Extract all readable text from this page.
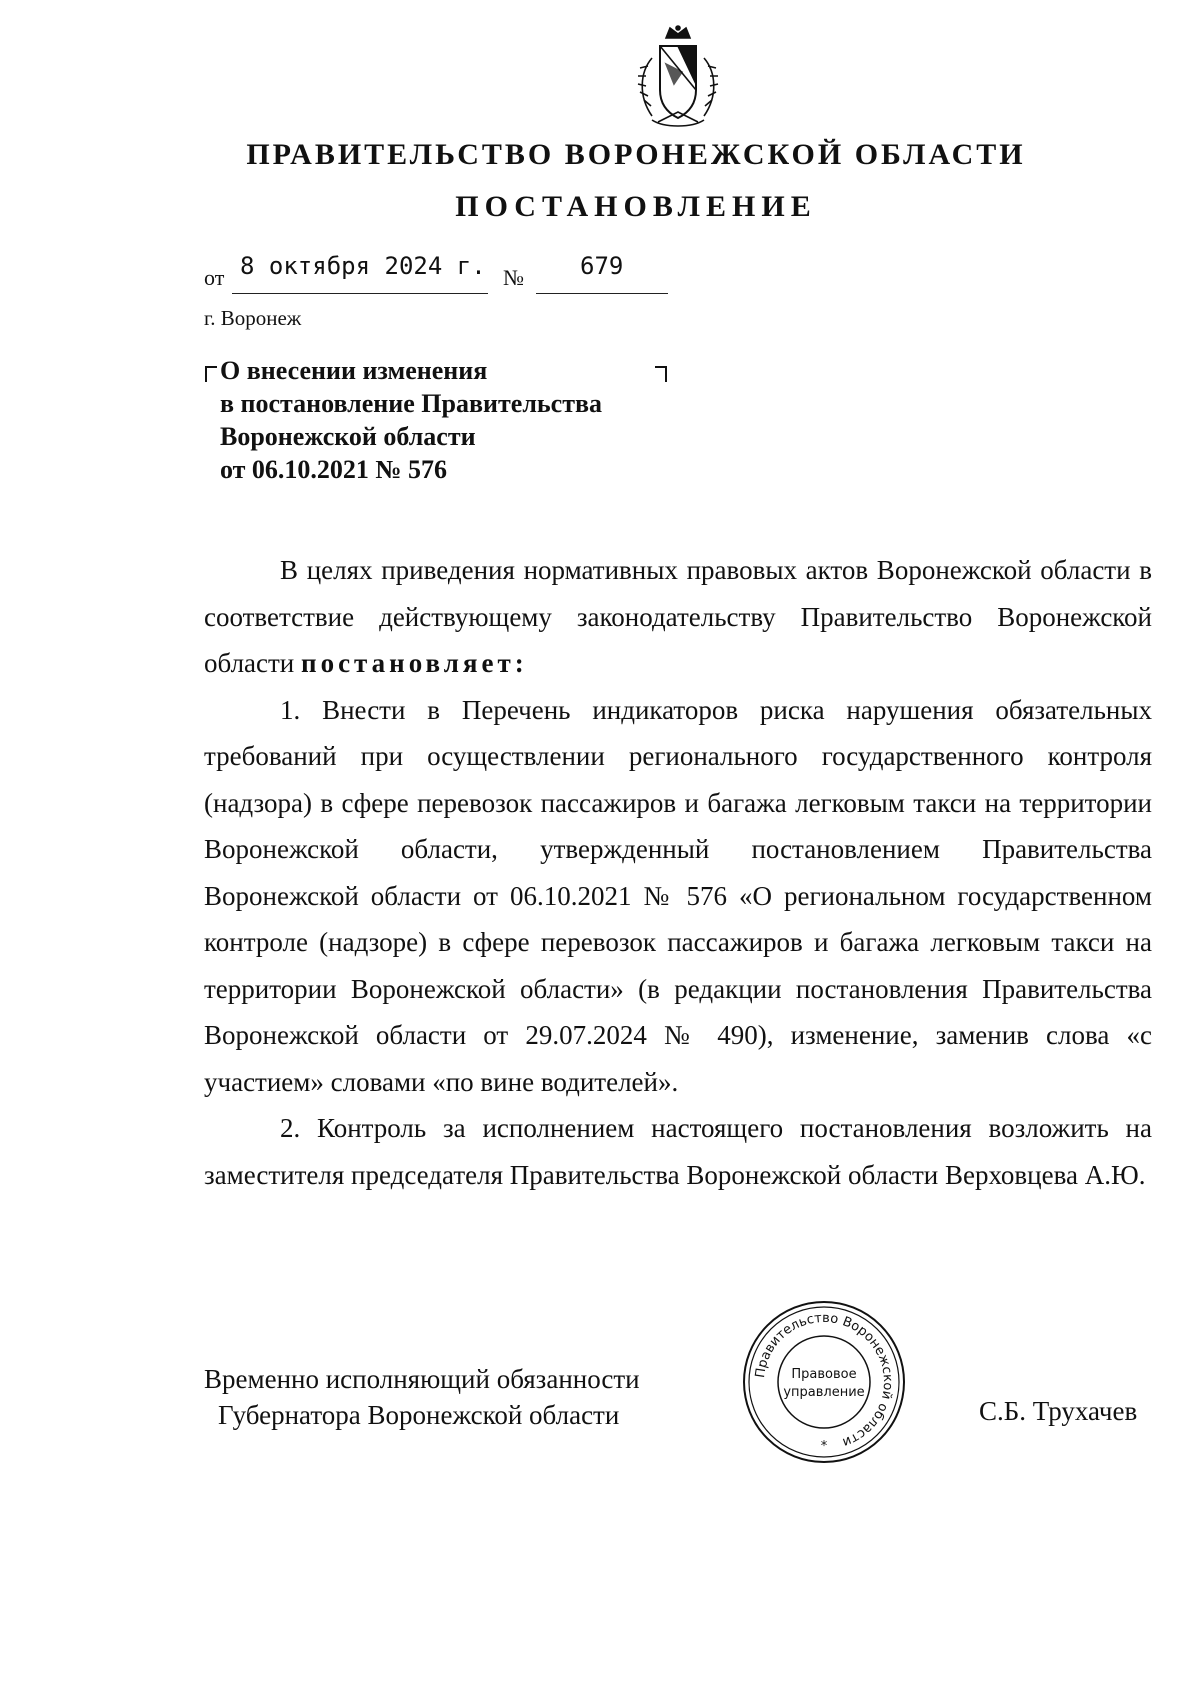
ПРАВИТЕЛЬСТВО ВОРОНЕЖСКОЙ ОБЛАСТИ
ПОСТАНОВЛЕНИЕ
от 8 октября 2024 г. № 679
г. Воронеж
О внесении изменения
в постановление Правительства
Воронежской области
от 06.10.2021 № 576

В целях приведения нормативных правовых актов Воронежской области в соответствие действующему законодательству Правительство Воронежской области постановляет:

1. Внести в Перечень индикаторов риска нарушения обязательных требований при осуществлении регионального государственного контроля (надзора) в сфере перевозок пассажиров и багажа легковым такси на территории Воронежской области, утвержденный постановлением Правительства Воронежской области от 06.10.2021 № 576 «О региональном государственном контроле (надзоре) в сфере перевозок пассажиров и багажа легковым такси на территории Воронежской области» (в редакции постановления Правительства Воронежской области от 29.07.2024 № 490), изменение, заменив слова «с участием» словами «по вине водителей».

2. Контроль за исполнением настоящего постановления возложить на заместителя председателя Правительства Воронежской области Верховцева А.Ю.

Временно исполняющий обязанности
Губернатора Воронежской области
Правительство Воронежской области
Правовое
управление
*
С.Б. Трухачев
